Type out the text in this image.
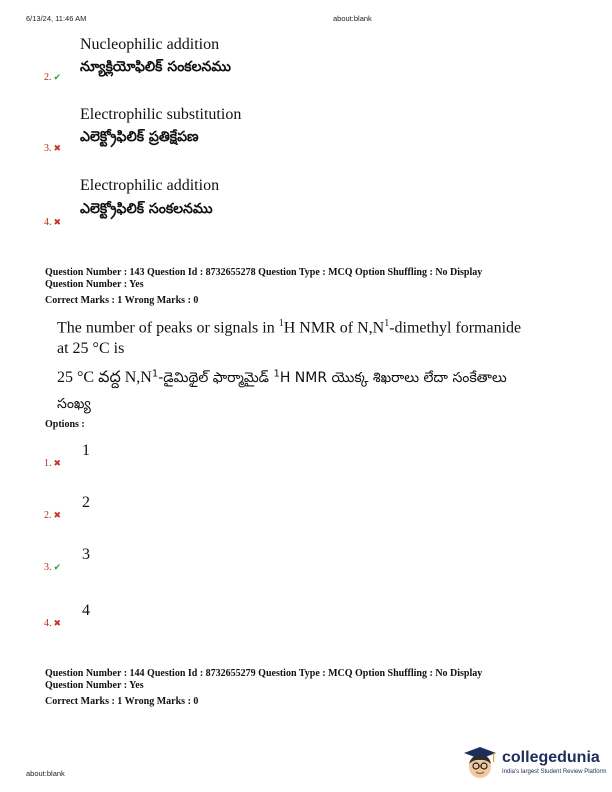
6/13/24, 11:46 AM	about:blank
Nucleophilic addition
2. ✔
న్యూక్లియోఫిలిక్ సంకలనము
Electrophilic substitution
3. ✖
ఎలెక్ట్రోఫిలిక్ ప్రతిక్షేపణ
Electrophilic addition
4. ✖
ఎలెక్ట్రోఫిలిక్ సంకలనము
Question Number : 143 Question Id : 8732655278 Question Type : MCQ Option Shuffling : No Display
Question Number : Yes
Correct Marks : 1 Wrong Marks : 0
The number of peaks or signals in $^1$H NMR of $N,N^1$-dimethyl formanide
at 25 °C is
25 °C వద్ద $N,N^1-డైమిథైల్$ ఫార్మామైడ్ $^1$H NMR యొక్క శిఖరాలు లేదా సంకేతాలు
సంఖ్య
Options :
1
1. ✖
2
2. ✖
3
3. ✔
4
4. ✖
Question Number : 144 Question Id : 8732655279 Question Type : MCQ Option Shuffling : No Display
Question Number : Yes
Correct Marks : 1 Wrong Marks : 0
about:blank
collegedunia
India's largest Student Review Platform
